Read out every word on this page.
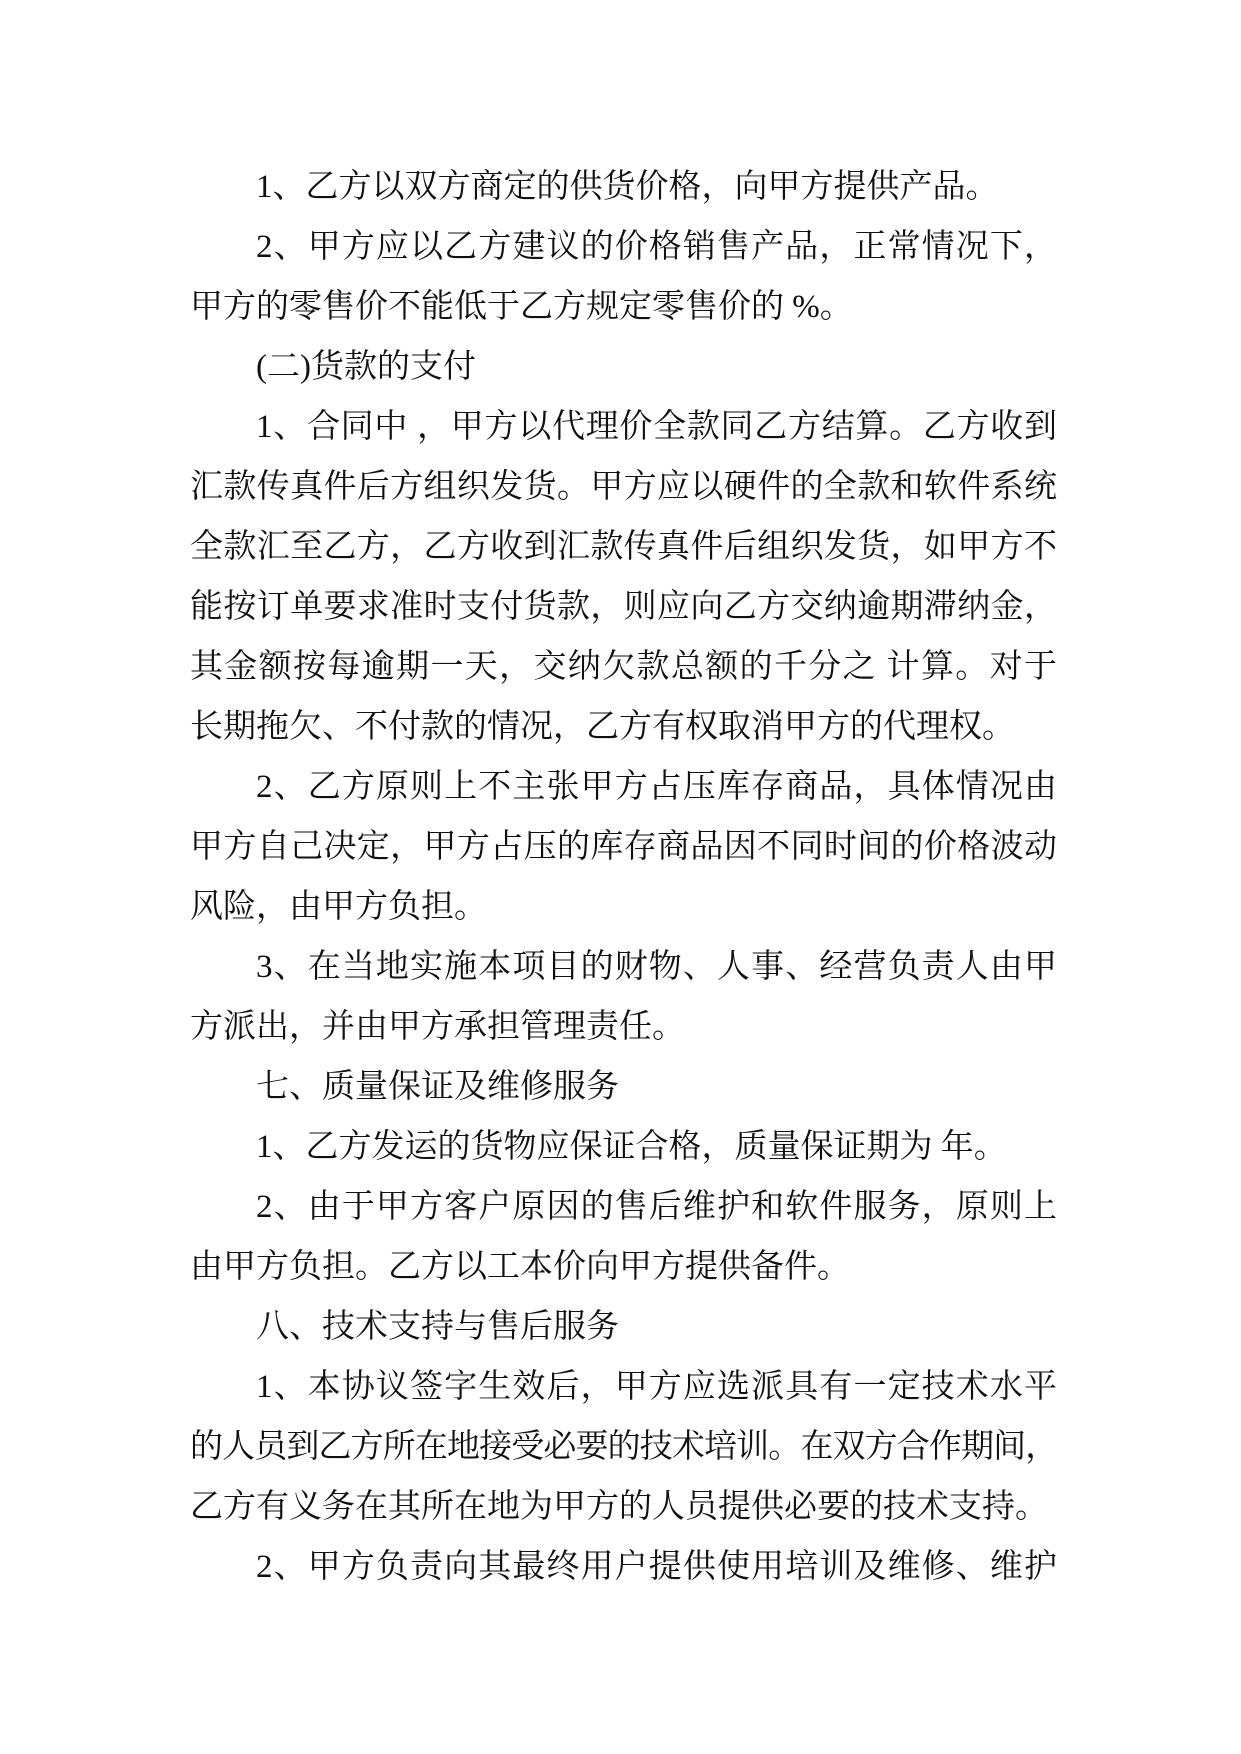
1、乙方以双方商定的供货价格，向甲方提供产品。
2、甲方应以乙方建议的价格销售产品，正常情况下，
甲方的零售价不能低于乙方规定零售价的 %。
(二)货款的支付
1、合同中 ，甲方以代理价全款同乙方结算。乙方收到
汇款传真件后方组织发货。甲方应以硬件的全款和软件系统
全款汇至乙方，乙方收到汇款传真件后组织发货，如甲方不
能按订单要求准时支付货款，则应向乙方交纳逾期滞纳金，
其金额按每逾期一天，交纳欠款总额的千分之 计算。对于
长期拖欠、不付款的情况，乙方有权取消甲方的代理权。
2、乙方原则上不主张甲方占压库存商品，具体情况由
甲方自己决定，甲方占压的库存商品因不同时间的价格波动
风险，由甲方负担。
3、在当地实施本项目的财物、人事、经营负责人由甲
方派出，并由甲方承担管理责任。
七、质量保证及维修服务
1、乙方发运的货物应保证合格，质量保证期为 年。
2、由于甲方客户原因的售后维护和软件服务，原则上
由甲方负担。乙方以工本价向甲方提供备件。
八、技术支持与售后服务
1、本协议签字生效后，甲方应选派具有一定技术水平
的人员到乙方所在地接受必要的技术培训。在双方合作期间，
乙方有义务在其所在地为甲方的人员提供必要的技术支持。
2、甲方负责向其最终用户提供使用培训及维修、维护
